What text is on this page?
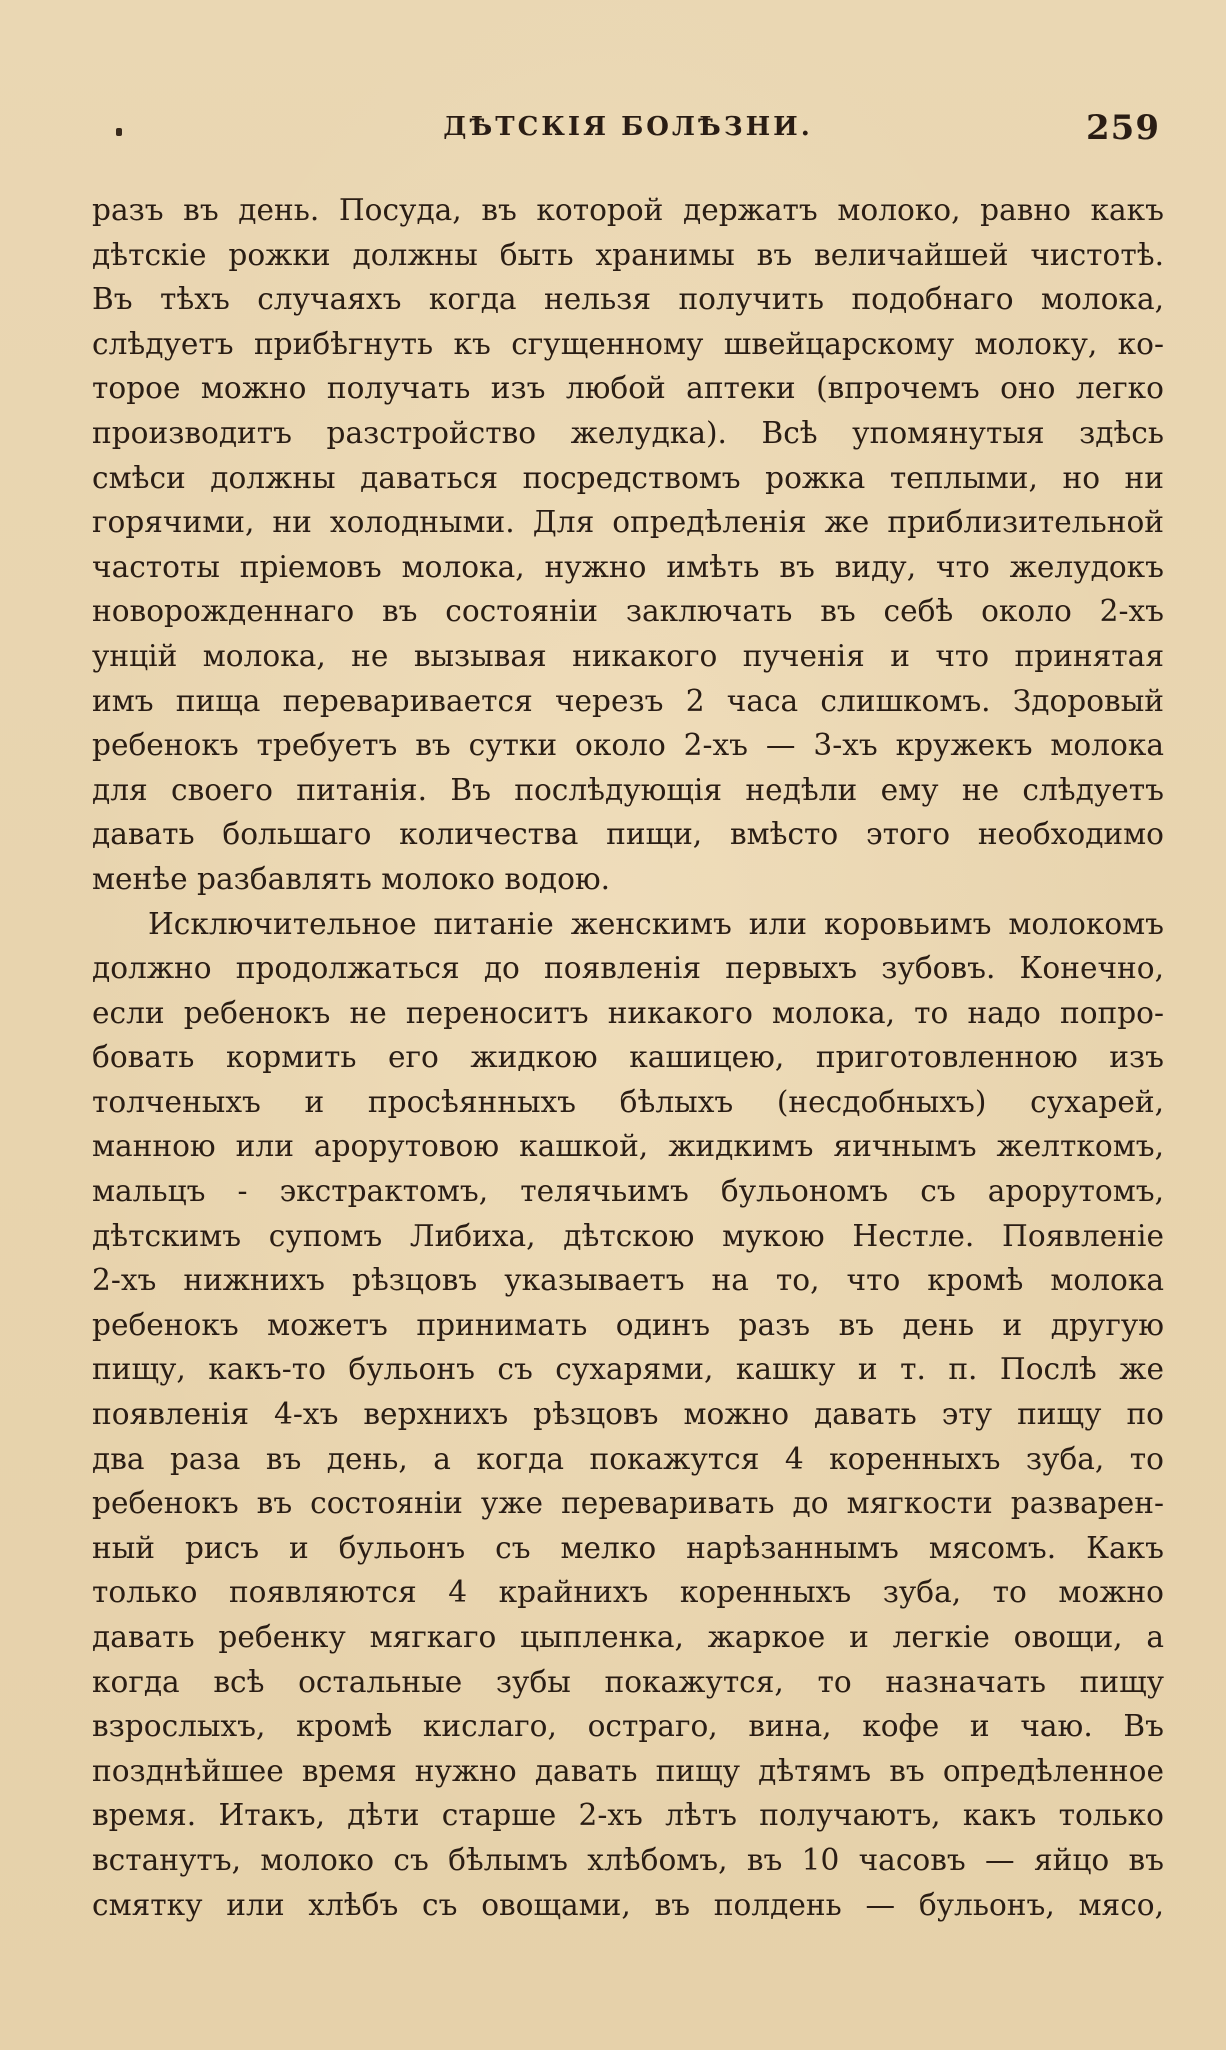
ДѢТСКІЯ БОЛѢЗНИ.	259
разъ въ день. Посуда, въ которой держатъ молоко, равно какъ
дѣтскіе рожки должны быть хранимы въ величайшей чистотѣ.
Въ тѣхъ случаяхъ когда нельзя получить подобнаго молока,
слѣдуетъ прибѣгнуть къ сгущенному швейцарскому молоку, ко-
торое можно получать изъ любой аптеки (впрочемъ оно легко
производитъ разстройство желудка). Всѣ упомянутыя здѣсь
смѣси должны даваться посредствомъ рожка теплыми, но ни
горячими, ни холодными. Для опредѣленія же приблизительной
частоты пріемовъ молока, нужно имѣть въ виду, что желудокъ
новорожденнаго въ состояніи заключать въ себѣ около 2-хъ
унцій молока, не вызывая никакого пученія и что принятая
имъ пища переваривается черезъ 2 часа слишкомъ. Здоровый
ребенокъ требуетъ въ сутки около 2-хъ — 3-хъ кружекъ молока
для своего питанія. Въ послѣдующія недѣли ему не слѣдуетъ
давать большаго количества пищи, вмѣсто этого необходимо
менѣе разбавлять молоко водою.
Исключительное питаніе женскимъ или коровьимъ молокомъ
должно продолжаться до появленія первыхъ зубовъ. Конечно,
если ребенокъ не переноситъ никакого молока, то надо попро-
бовать кормить его жидкою кашицею, приготовленною изъ
толченыхъ и просѣянныхъ бѣлыхъ (несдобныхъ) сухарей,
манною или арорутовою кашкой, жидкимъ яичнымъ желткомъ,
мальцъ - экстрактомъ, телячьимъ бульономъ съ арорутомъ,
дѣтскимъ супомъ Либиха, дѣтскою мукою Нестле. Появленіе
2-хъ нижнихъ рѣзцовъ указываетъ на то, что кромѣ молока
ребенокъ можетъ принимать одинъ разъ въ день и другую
пищу, какъ-то бульонъ съ сухарями, кашку и т. п. Послѣ же
появленія 4-хъ верхнихъ рѣзцовъ можно давать эту пищу по
два раза въ день, а когда покажутся 4 коренныхъ зуба, то
ребенокъ въ состояніи уже переваривать до мягкости разварен-
ный рисъ и бульонъ съ мелко нарѣзаннымъ мясомъ. Какъ
только появляются 4 крайнихъ коренныхъ зуба, то можно
давать ребенку мягкаго цыпленка, жаркое и легкіе овощи, а
когда всѣ остальные зубы покажутся, то назначать пищу
взрослыхъ, кромѣ кислаго, остраго, вина, кофе и чаю. Въ
позднѣйшее время нужно давать пищу дѣтямъ въ опредѣленное
время. Итакъ, дѣти старше 2-хъ лѣтъ получаютъ, какъ только
встанутъ, молоко съ бѣлымъ хлѣбомъ, въ 10 часовъ — яйцо въ
смятку или хлѣбъ съ овощами, въ полдень — бульонъ, мясо,
